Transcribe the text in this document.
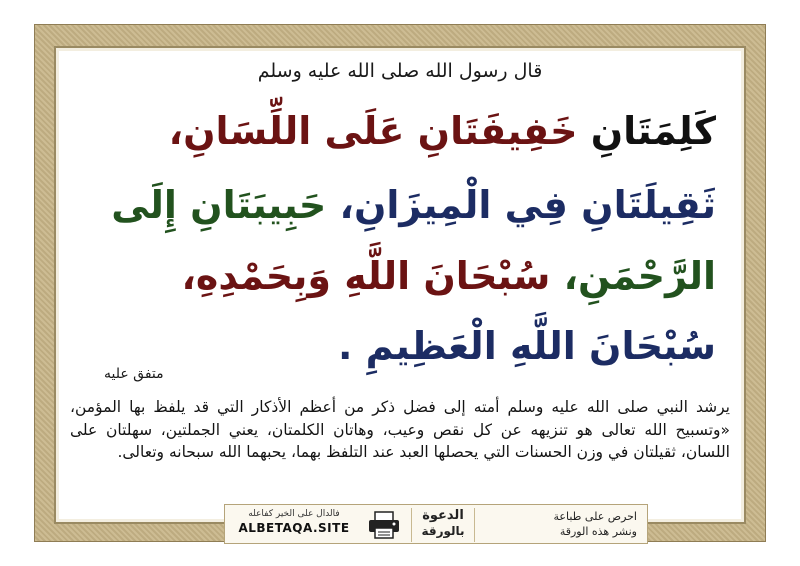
قال رسول الله صلى الله عليه وسلم
كَلِمَتَانِ خَفِيفَتَانِ عَلَى اللِّسَانِ،
ثَقِيلَتَانِ فِي الْمِيزَانِ، حَبِيبَتَانِ إِلَى
الرَّحْمَنِ، سُبْحَانَ اللَّهِ وَبِحَمْدِهِ،
سُبْحَانَ اللَّهِ الْعَظِيمِ .
متفق عليه
يرشد النبي صلى الله عليه وسلم أمته إلى فضل ذكر من أعظم الأذكار التي قد يلفظ بها المؤمن، «وتسبيح الله تعالى هو تنزيهه عن كل نقص وعيب، وهاتان الكلمتان، يعني الجملتين، سهلتان على اللسان، ثقيلتان في وزن الحسنات التي يحصلها العبد عند التلفظ بهما، يحبهما الله سبحانه وتعالى.
فالدال على الخير كفاعله
ALBETAQA.SITE
الدعوة
بالورقة
احرص على طباعة
ونشر هذه الورقة
